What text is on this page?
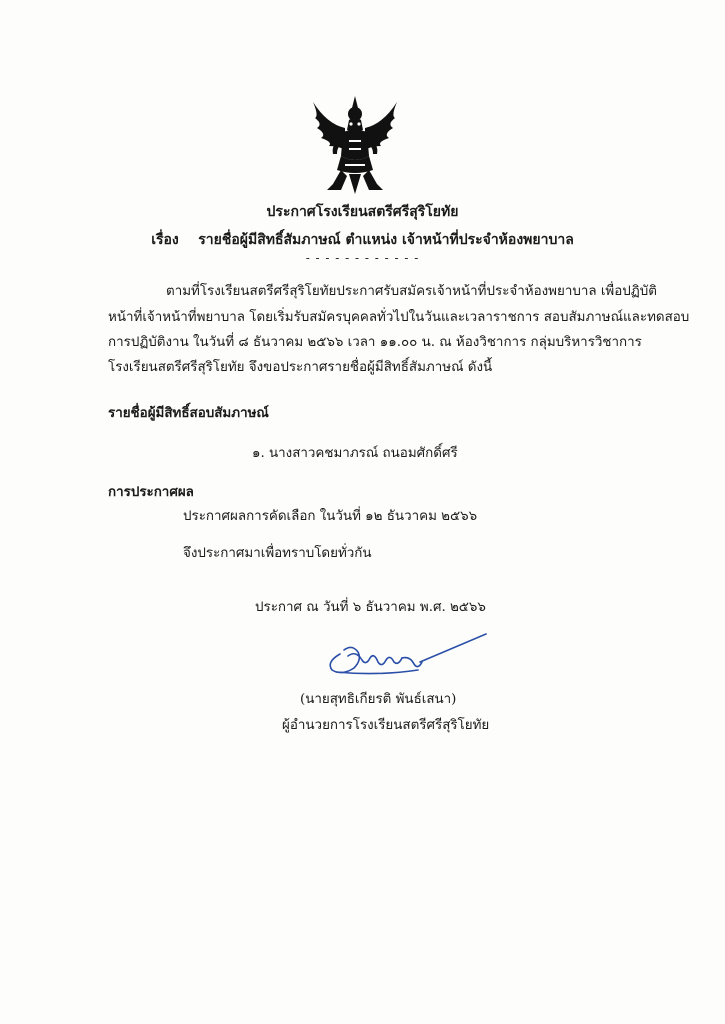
ประกาศโรงเรียนสตรีศรีสุริโยทัย
เรื่อง รายชื่อผู้มีสิทธิ์สัมภาษณ์ ตำแหน่ง เจ้าหน้าที่ประจำห้องพยาบาล
- - - - - - - - - - - -
ตามที่โรงเรียนสตรีศรีสุริโยทัยประกาศรับสมัครเจ้าหน้าที่ประจำห้องพยาบาล เพื่อปฏิบัติ
หน้าที่เจ้าหน้าที่พยาบาล โดยเริ่มรับสมัครบุคคลทั่วไปในวันและเวลาราชการ สอบสัมภาษณ์และทดสอบ
การปฏิบัติงาน ในวันที่ ๘ ธันวาคม ๒๕๖๖ เวลา ๑๑.๐๐ น. ณ ห้องวิชาการ กลุ่มบริหารวิชาการ
โรงเรียนสตรีศรีสุริโยทัย จึงขอประกาศรายชื่อผู้มีสิทธิ์สัมภาษณ์ ดังนี้
รายชื่อผู้มีสิทธิ์สอบสัมภาษณ์
๑. นางสาวคชมาภรณ์ ถนอมศักดิ์ศรี
การประกาศผล
ประกาศผลการคัดเลือก ในวันที่ ๑๒ ธันวาคม ๒๕๖๖
จึงประกาศมาเพื่อทราบโดยทั่วกัน
ประกาศ ณ วันที่ ๖ ธันวาคม พ.ศ. ๒๕๖๖
(นายสุทธิเกียรติ พันธ์เสนา)
ผู้อำนวยการโรงเรียนสตรีศรีสุริโยทัย
